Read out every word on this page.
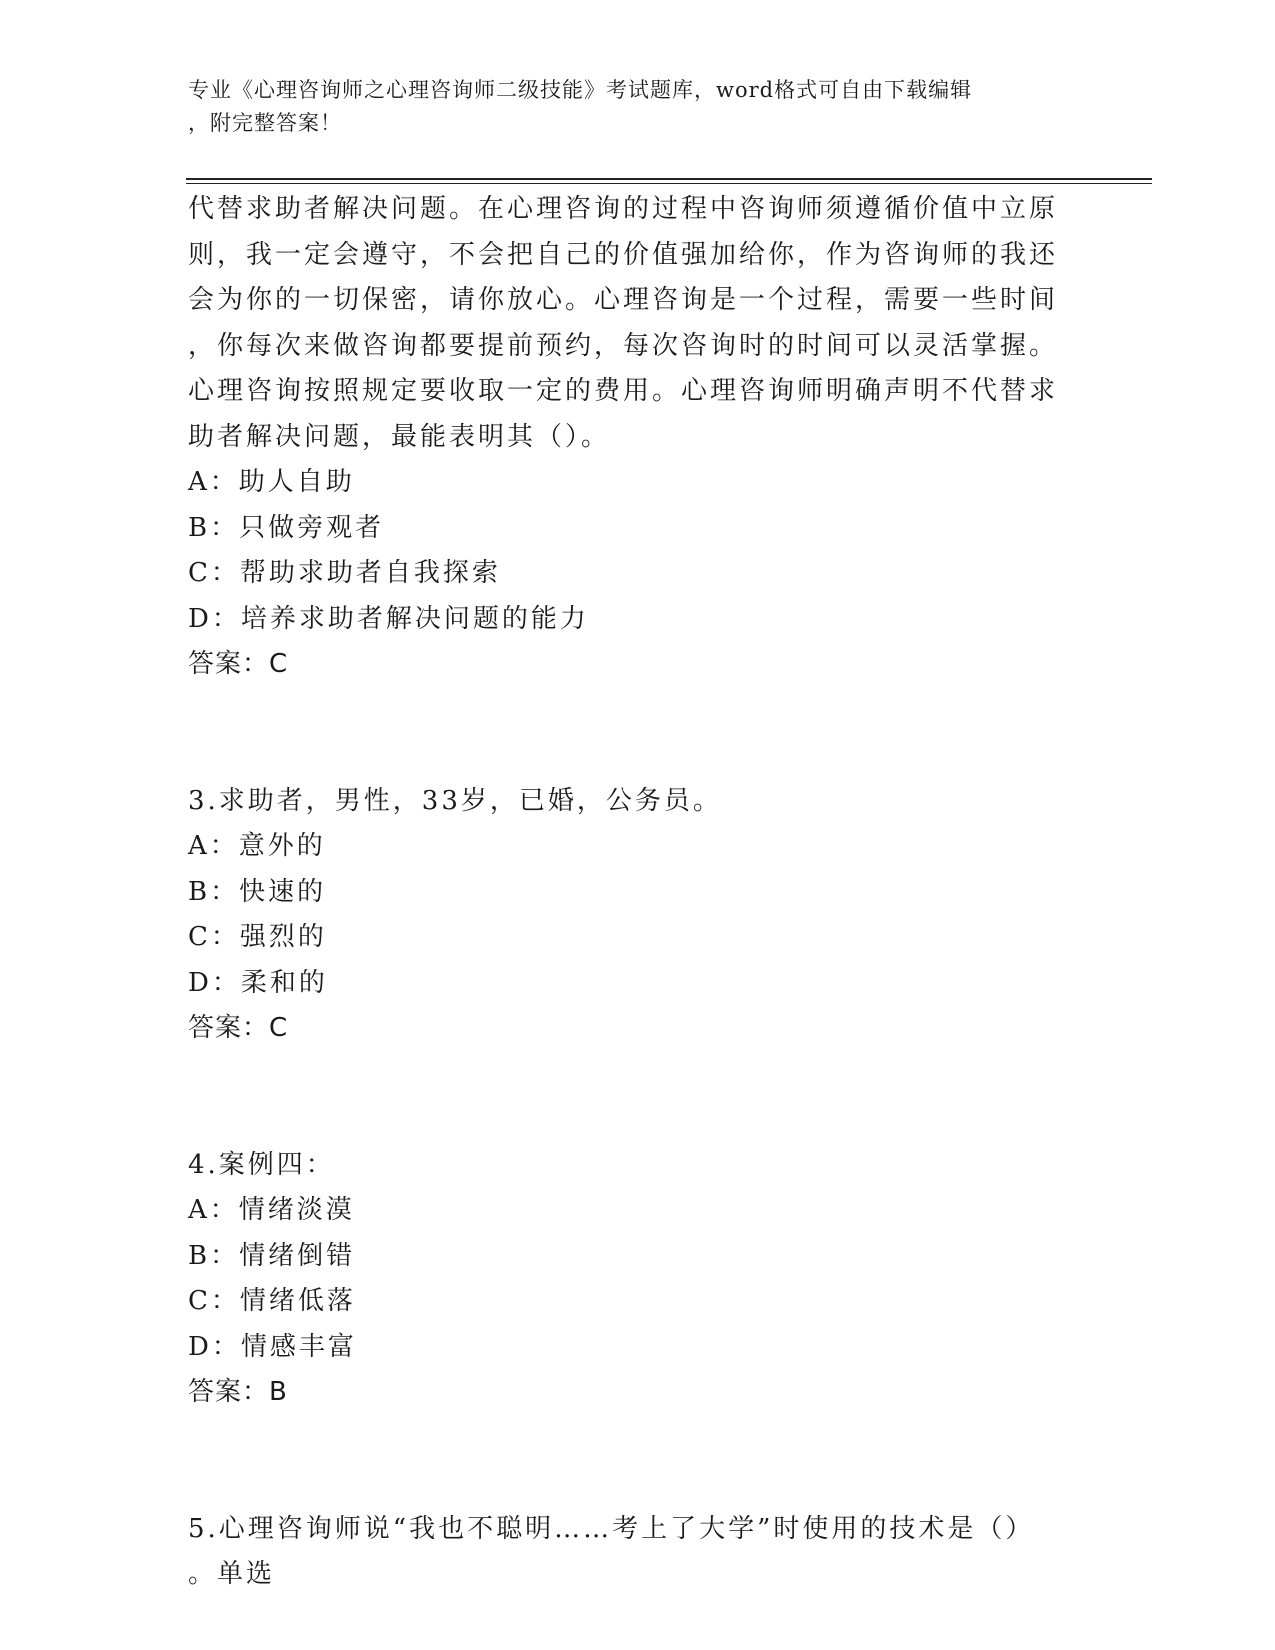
专业《心理咨询师之心理咨询师二级技能》考试题库，word格式可自由下载编辑
，附完整答案！
代替求助者解决问题。在心理咨询的过程中咨询师须遵循价值中立原
则，我一定会遵守，不会把自己的价值强加给你，作为咨询师的我还
会为你的一切保密，请你放心。心理咨询是一个过程，需要一些时间
，你每次来做咨询都要提前预约，每次咨询时的时间可以灵活掌握。
心理咨询按照规定要收取一定的费用。心理咨询师明确声明不代替求
助者解决问题，最能表明其（）。
A：助人自助
B：只做旁观者
C：帮助求助者自我探索
D：培养求助者解决问题的能力
答案：C
3.求助者，男性，33岁，已婚，公务员。
A：意外的
B：快速的
C：强烈的
D：柔和的
答案：C
4.案例四：
A：情绪淡漠
B：情绪倒错
C：情绪低落
D：情感丰富
答案：B
5.心理咨询师说“我也不聪明……考上了大学”时使用的技术是（）
。单选
